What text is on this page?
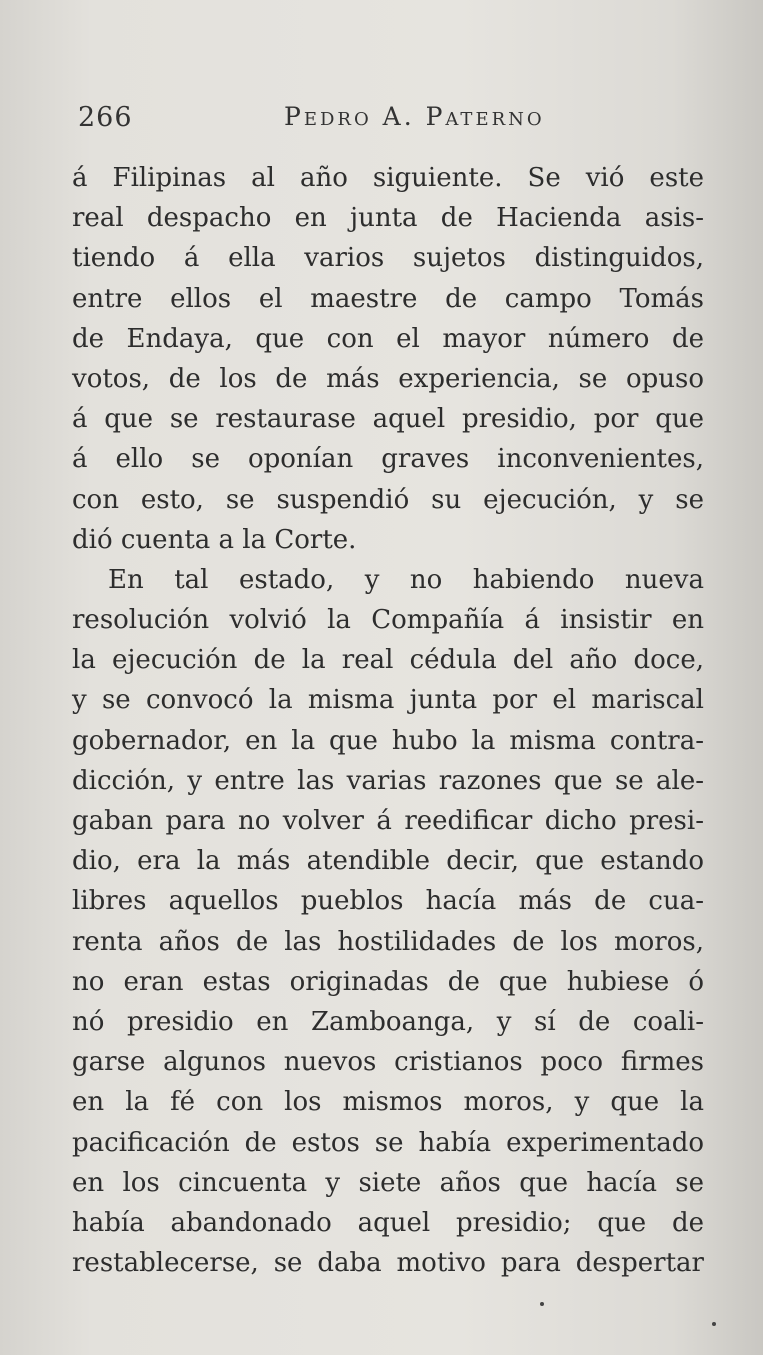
266	Pedro A. Paterno
á Filipinas al año siguiente. Se vió este
real despacho en junta de Hacienda asis-
tiendo á ella varios sujetos distinguidos,
entre ellos el maestre de campo Tomás
de Endaya, que con el mayor número de
votos, de los de más experiencia, se opuso
á que se restaurase aquel presidio, por que
á ello se oponían graves inconvenientes,
con esto, se suspendió su ejecución, y se
dió cuenta a la Corte.
En tal estado, y no habiendo nueva
resolución volvió la Compañía á insistir en
la ejecución de la real cédula del año doce,
y se convocó la misma junta por el mariscal
gobernador, en la que hubo la misma contra-
dicción, y entre las varias razones que se ale-
gaban para no volver á reedificar dicho presi-
dio, era la más atendible decir, que estando
libres aquellos pueblos hacía más de cua-
renta años de las hostilidades de los moros,
no eran estas originadas de que hubiese ó
nó presidio en Zamboanga, y sí de coali-
garse algunos nuevos cristianos poco firmes
en la fé con los mismos moros, y que la
pacificación de estos se había experimentado
en los cincuenta y siete años que hacía se
había abandonado aquel presidio; que de
restablecerse, se daba motivo para despertar
